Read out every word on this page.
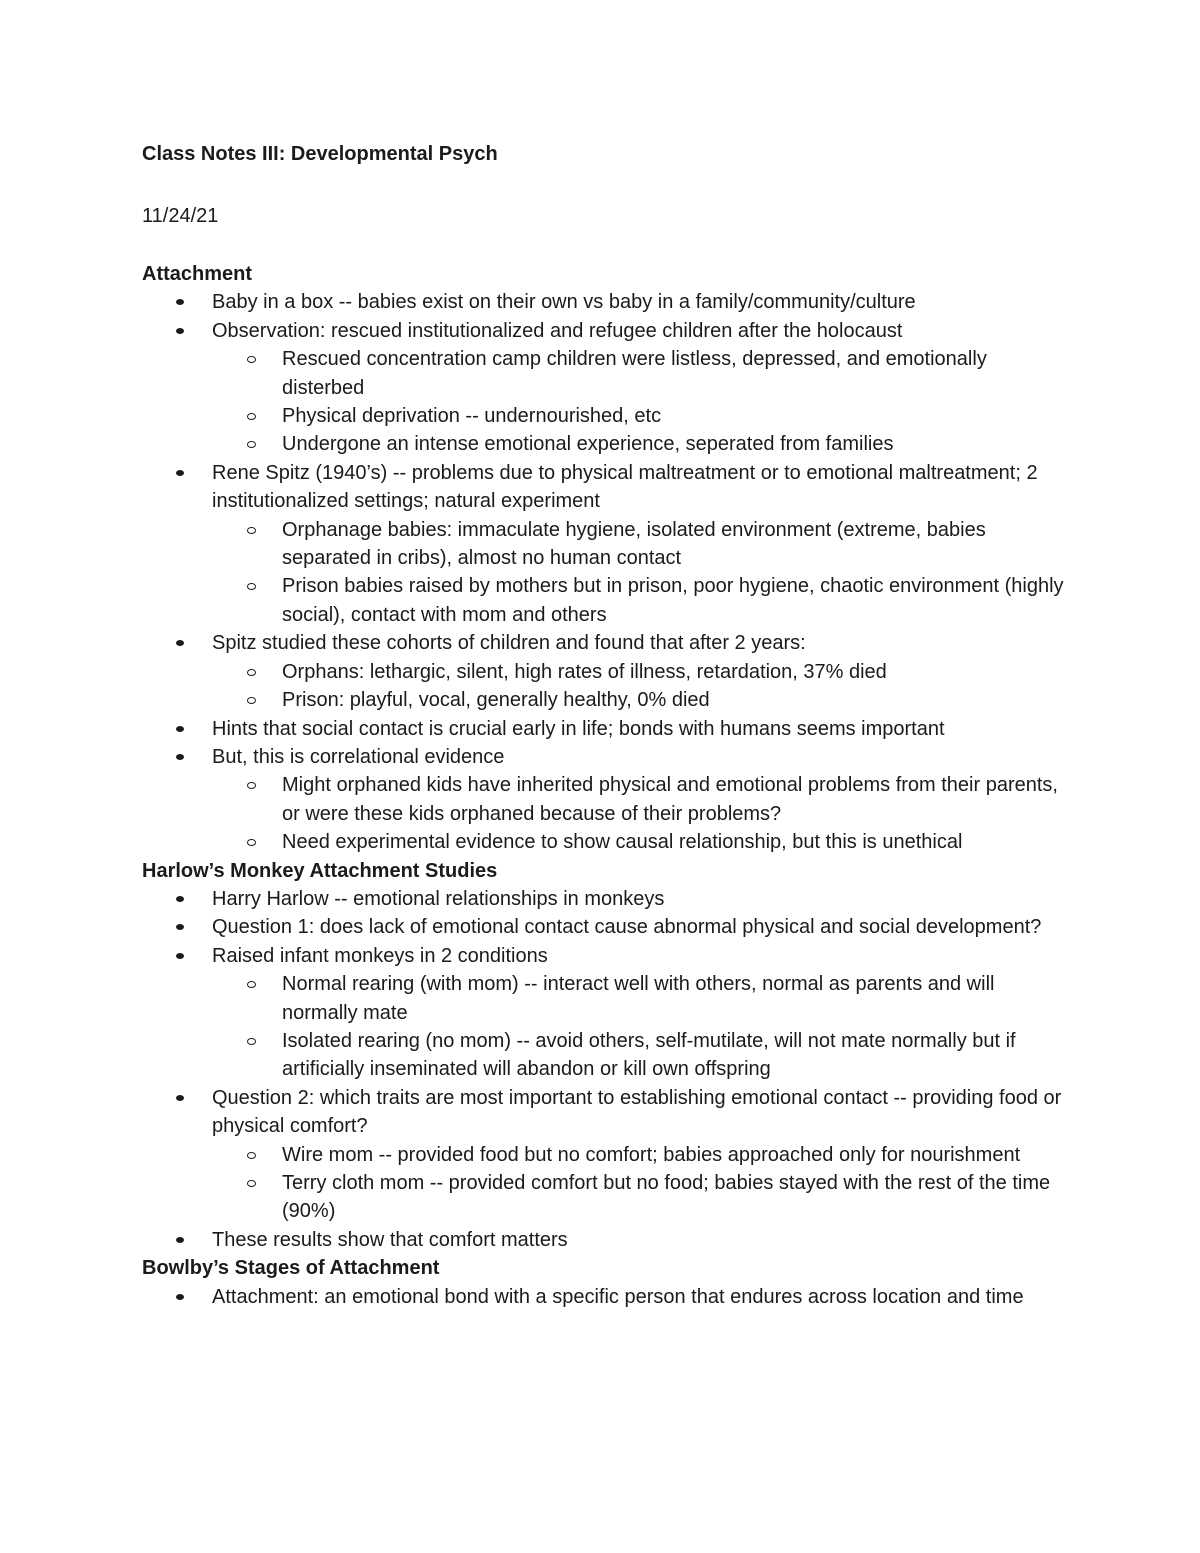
Class Notes III: Developmental Psych
11/24/21
Attachment
Baby in a box -- babies exist on their own vs baby in a family/community/culture
Observation: rescued institutionalized and refugee children after the holocaust
Rescued concentration camp children were listless, depressed, and emotionally disterbed
Physical deprivation -- undernourished, etc
Undergone an intense emotional experience, seperated from families
Rene Spitz (1940’s) -- problems due to physical maltreatment or to emotional maltreatment; 2 institutionalized settings; natural experiment
Orphanage babies: immaculate hygiene, isolated environment (extreme, babies separated in cribs), almost no human contact
Prison babies raised by mothers but in prison, poor hygiene, chaotic environment (highly social), contact with mom and others
Spitz studied these cohorts of children and found that after 2 years:
Orphans: lethargic, silent, high rates of illness, retardation, 37% died
Prison: playful, vocal, generally healthy, 0% died
Hints that social contact is crucial early in life; bonds with humans seems important
But, this is correlational evidence
Might orphaned kids have inherited physical and emotional problems from their parents, or were these kids orphaned because of their problems?
Need experimental evidence to show causal relationship, but this is unethical
Harlow’s Monkey Attachment Studies
Harry Harlow -- emotional relationships in monkeys
Question 1: does lack of emotional contact cause abnormal physical and social development?
Raised infant monkeys in 2 conditions
Normal rearing (with mom) -- interact well with others, normal as parents and will normally mate
Isolated rearing (no mom) -- avoid others, self-mutilate, will not mate normally but if artificially inseminated will abandon or kill own offspring
Question 2: which traits are most important to establishing emotional contact -- providing food or physical comfort?
Wire mom -- provided food but no comfort; babies approached only for nourishment
Terry cloth mom -- provided comfort but no food; babies stayed with the rest of the time (90%)
These results show that comfort matters
Bowlby’s Stages of Attachment
Attachment: an emotional bond with a specific person that endures across location and time
